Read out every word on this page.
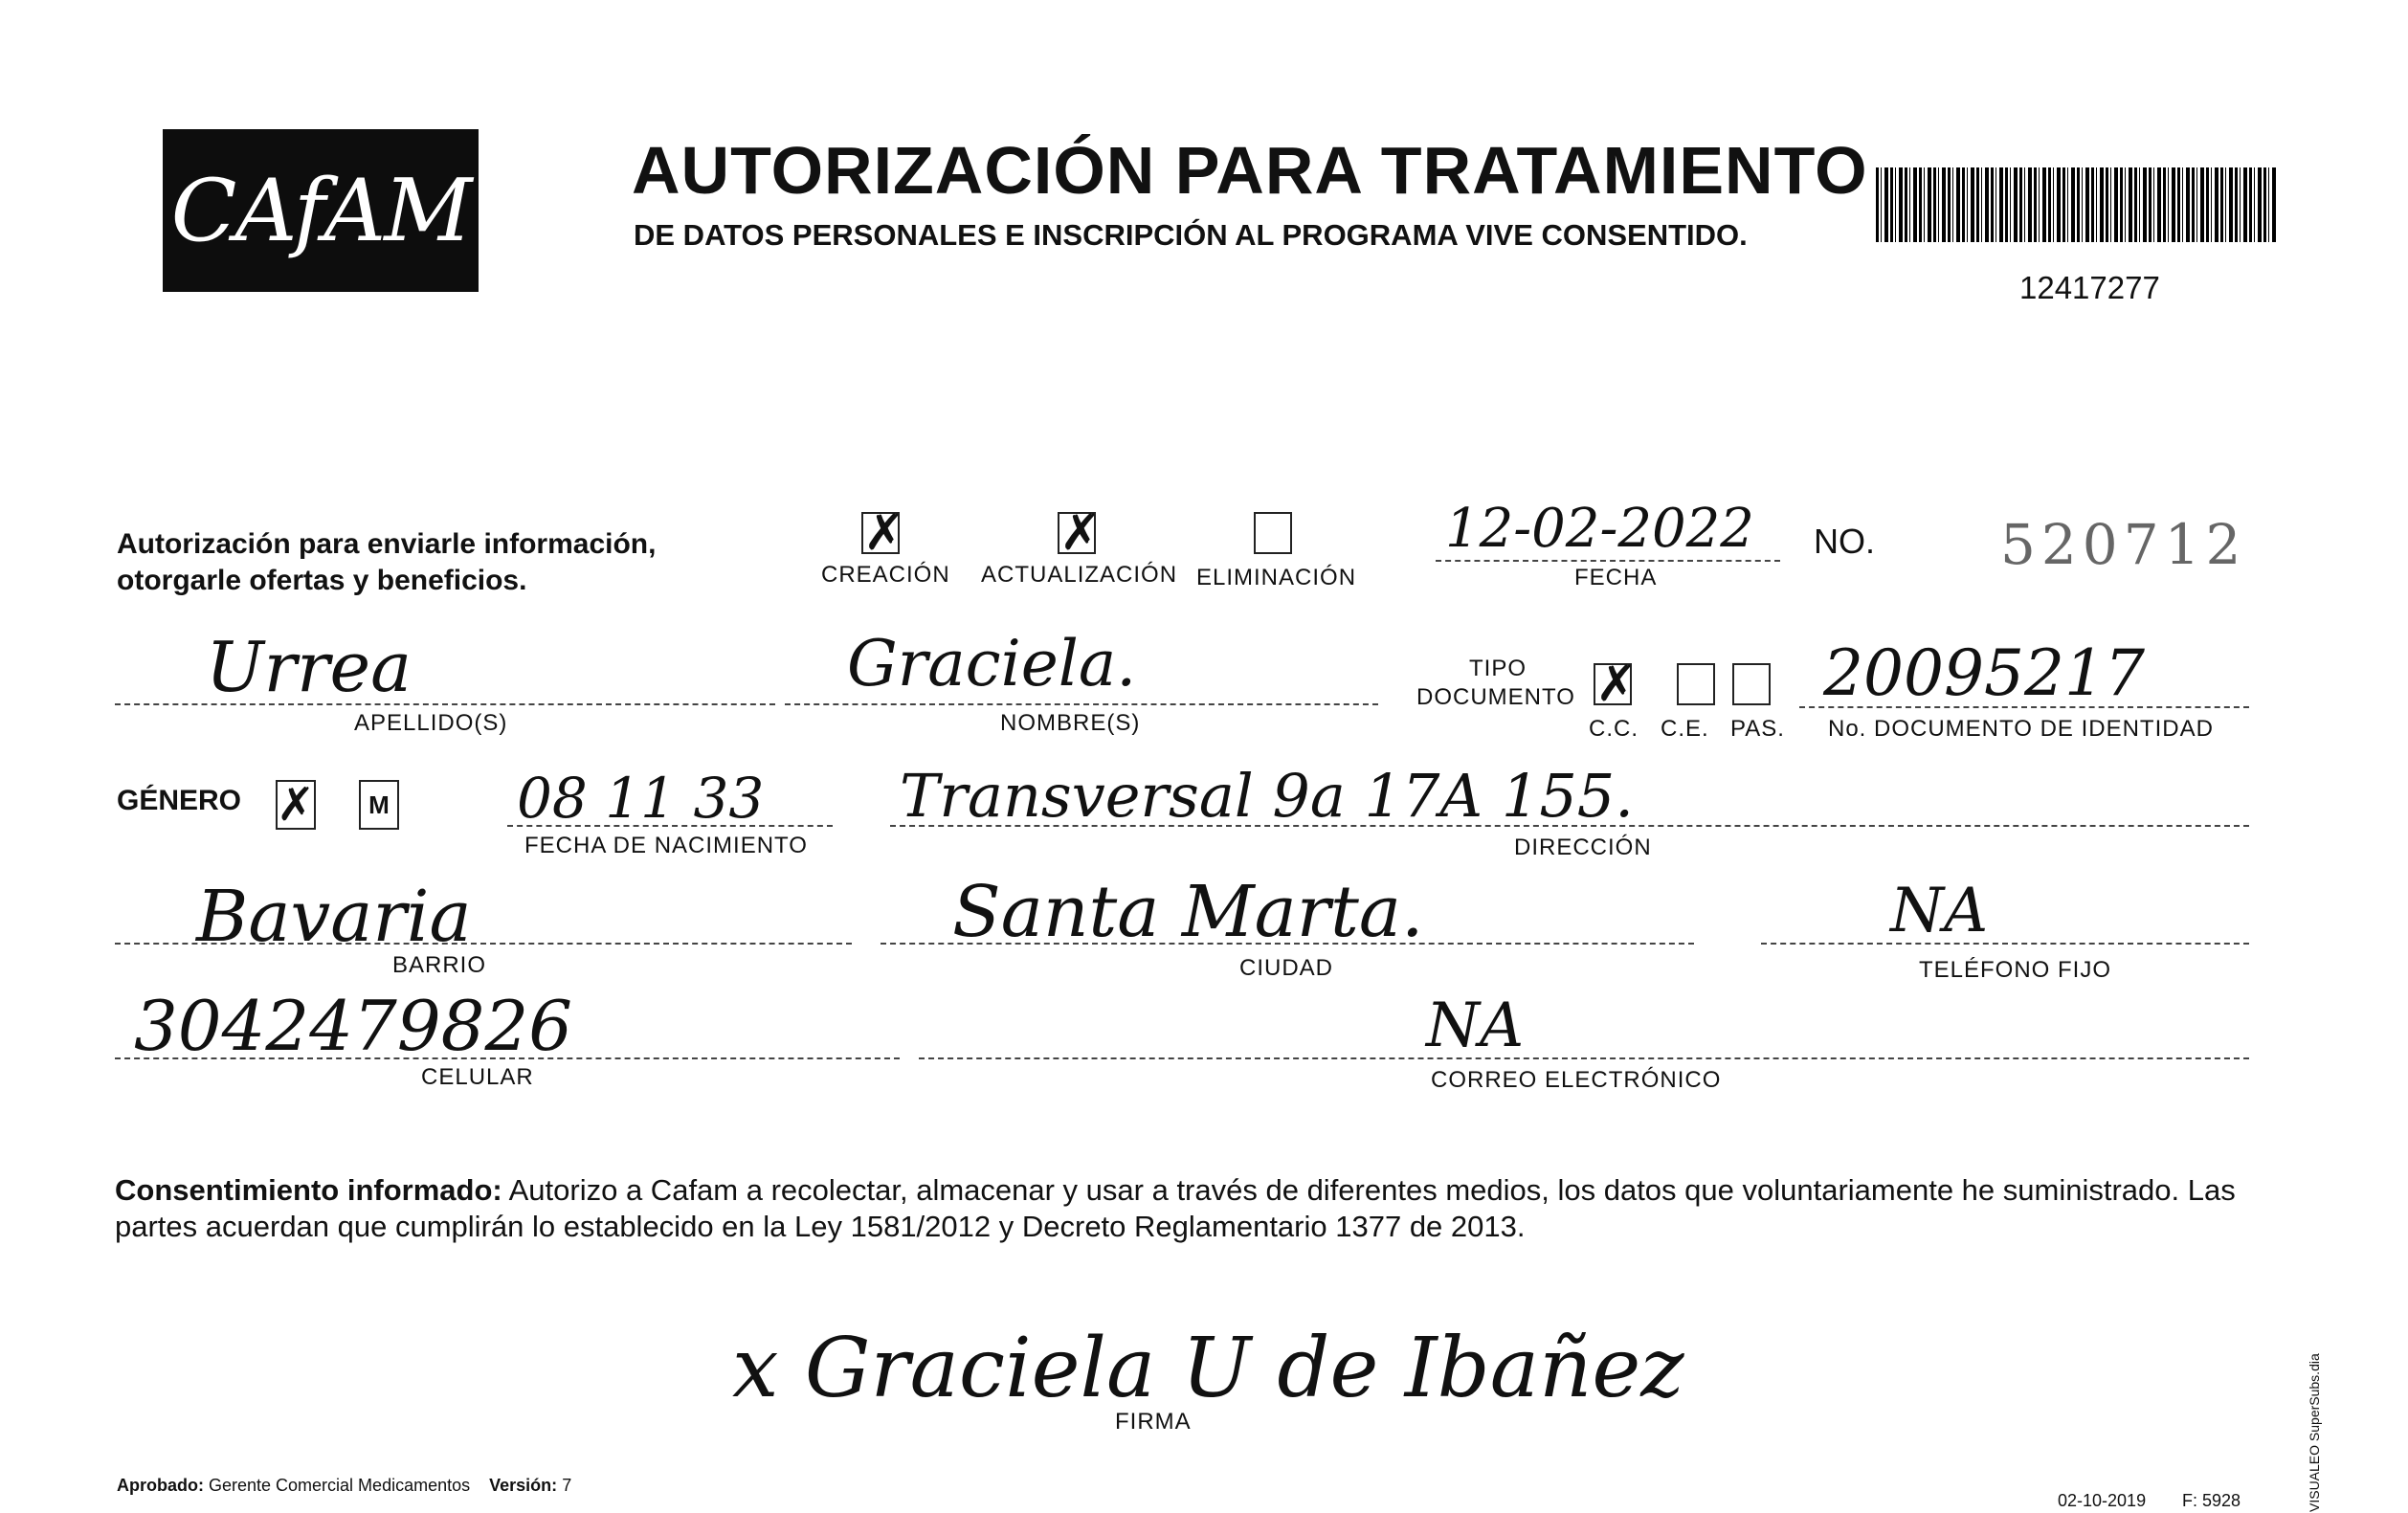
CAfAM
AUTORIZACIÓN PARA TRATAMIENTO
DE DATOS PERSONALES E INSCRIPCIÓN AL PROGRAMA VIVE CONSENTIDO.
12417277
Autorización para enviarle información,
otorgarle ofertas y beneficios.
✗
CREACIÓN
✗
ACTUALIZACIÓN ELIMINACIÓN
12-02-2022
FECHA
NO. 520712
Urrea
APELLIDO(S)
Graciela.
NOMBRE(S)
TIPO
DOCUMENTO ✗
C.C. C.E. PAS.
20095217
No. DOCUMENTO DE IDENTIDAD
GÉNERO ✗ M 08 11 33
FECHA DE NACIMIENTO
Transversal 9a 17A 155.
DIRECCIÓN
Bavaria
BARRIO
Santa Marta.
CIUDAD
NA
TELÉFONO FIJO
3042479826
CELULAR
NA
CORREO ELECTRÓNICO
Consentimiento informado: Autorizo a Cafam a recolectar, almacenar y usar a través de diferentes medios, los datos que voluntariamente he suministrado. Las partes acuerdan que cumplirán lo establecido en la Ley 1581/2012 y Decreto Reglamentario 1377 de 2013.
x Graciela U de Ibañez
FIRMA
Aprobado: Gerente Comercial Medicamentos Versión: 7
02-10-2019 F: 5928	VISUALEO SuperSubs.dia
